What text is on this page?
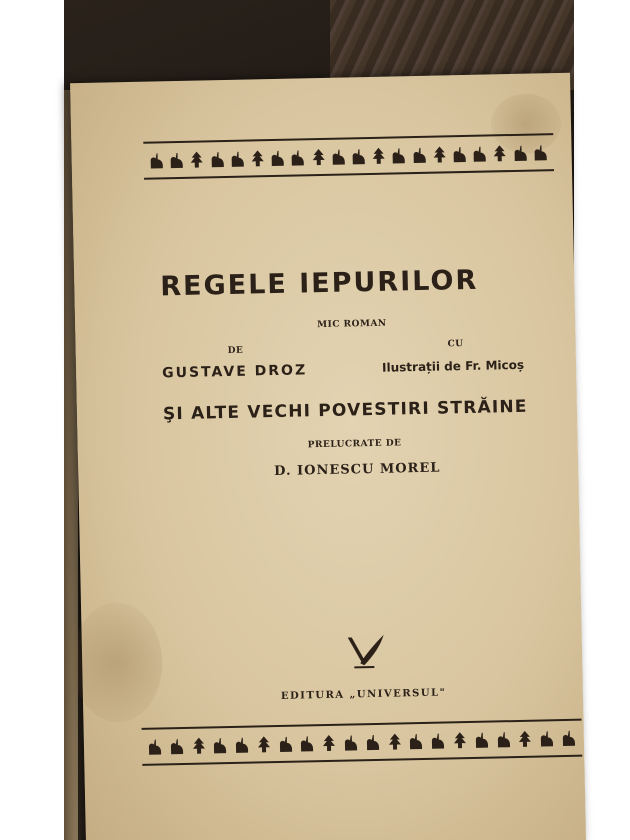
REGELE IEPURILOR
MIC ROMAN
DE
CU
GUSTAVE DROZ	Ilustrații de Fr. Micoș
ŞI ALTE VECHI POVESTIRI STRĂINE
PRELUCRATE DE
D. IONESCU MOREL
EDITURA „UNIVERSUL"
